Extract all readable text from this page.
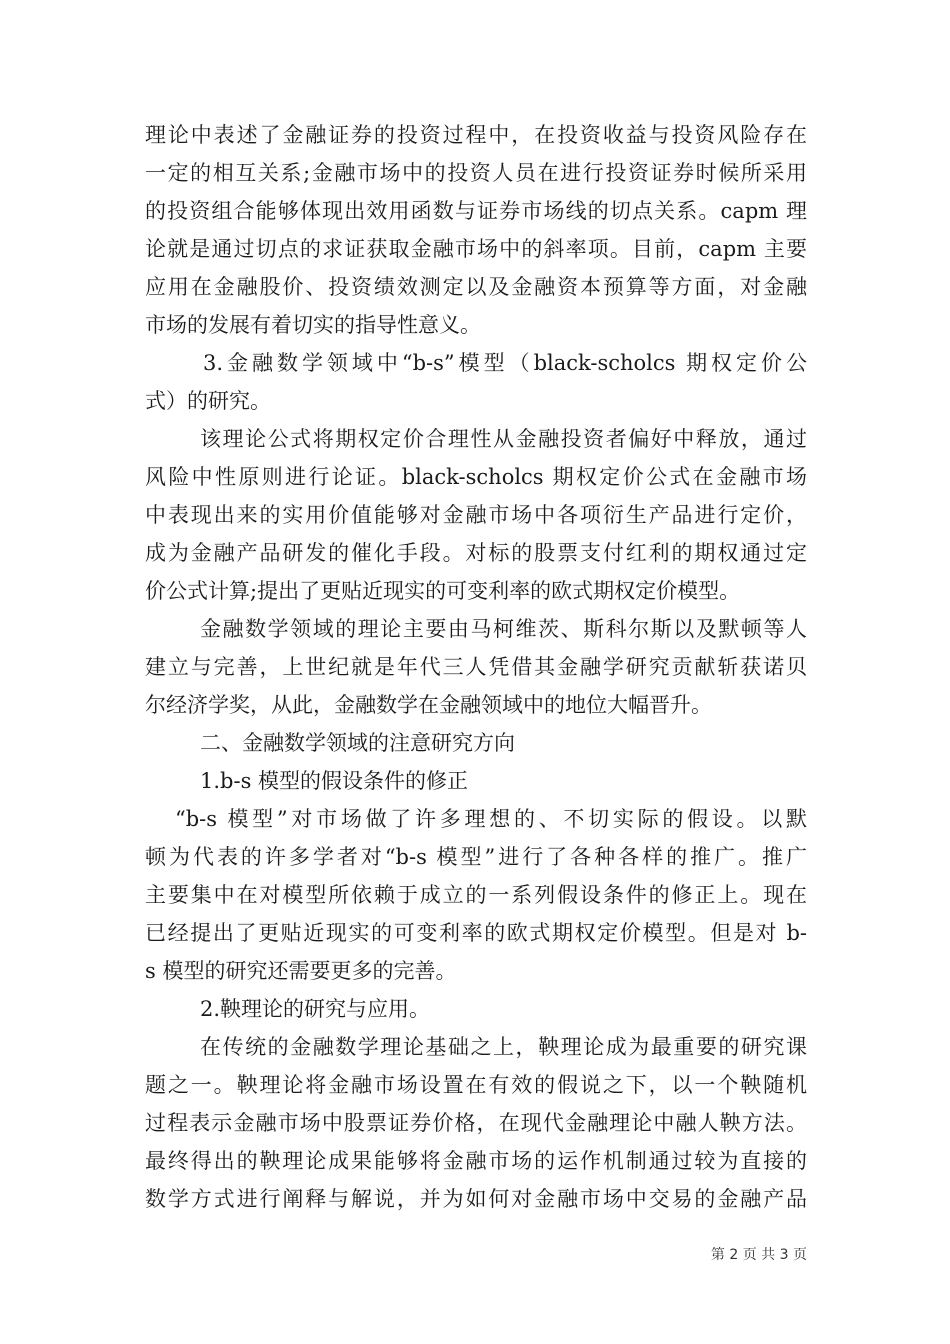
理论中表述了金融证券的投资过程中，在投资收益与投资风险存在
一定的相互关系;金融市场中的投资人员在进行投资证券时候所采用
的投资组合能够体现出效用函数与证券市场线的切点关系。capm 理
论就是通过切点的求证获取金融市场中的斜率项。目前，capm 主要
应用在金融股价、投资绩效测定以及金融资本预算等方面，对金融
市场的发展有着切实的指导性意义。
3.金融数学领域中“b-s”模型（black-scholcs 期权定价公
式）的研究。
该理论公式将期权定价合理性从金融投资者偏好中释放，通过
风险中性原则进行论证。black-scholcs 期权定价公式在金融市场
中表现出来的实用价值能够对金融市场中各项衍生产品进行定价，
成为金融产品研发的催化手段。对标的股票支付红利的期权通过定
价公式计算;提出了更贴近现实的可变利率的欧式期权定价模型。
金融数学领域的理论主要由马柯维茨、斯科尔斯以及默顿等人
建立与完善，上世纪就是年代三人凭借其金融学研究贡献斩获诺贝
尔经济学奖，从此，金融数学在金融领域中的地位大幅晋升。
二、金融数学领域的注意研究方向
1.b-s 模型的假设条件的修正
“b-s 模型”对市场做了许多理想的、不切实际的假设。以默
顿为代表的许多学者对“b-s 模型”进行了各种各样的推广。推广
主要集中在对模型所依赖于成立的一系列假设条件的修正上。现在
已经提出了更贴近现实的可变利率的欧式期权定价模型。但是对 b-
s 模型的研究还需要更多的完善。
2.鞅理论的研究与应用。
在传统的金融数学理论基础之上，鞅理论成为最重要的研究课
题之一。鞅理论将金融市场设置在有效的假说之下，以一个鞅随机
过程表示金融市场中股票证券价格，在现代金融理论中融人鞅方法。
最终得出的鞅理论成果能够将金融市场的运作机制通过较为直接的
数学方式进行阐释与解说，并为如何对金融市场中交易的金融产品
第 2 页 共 3 页
